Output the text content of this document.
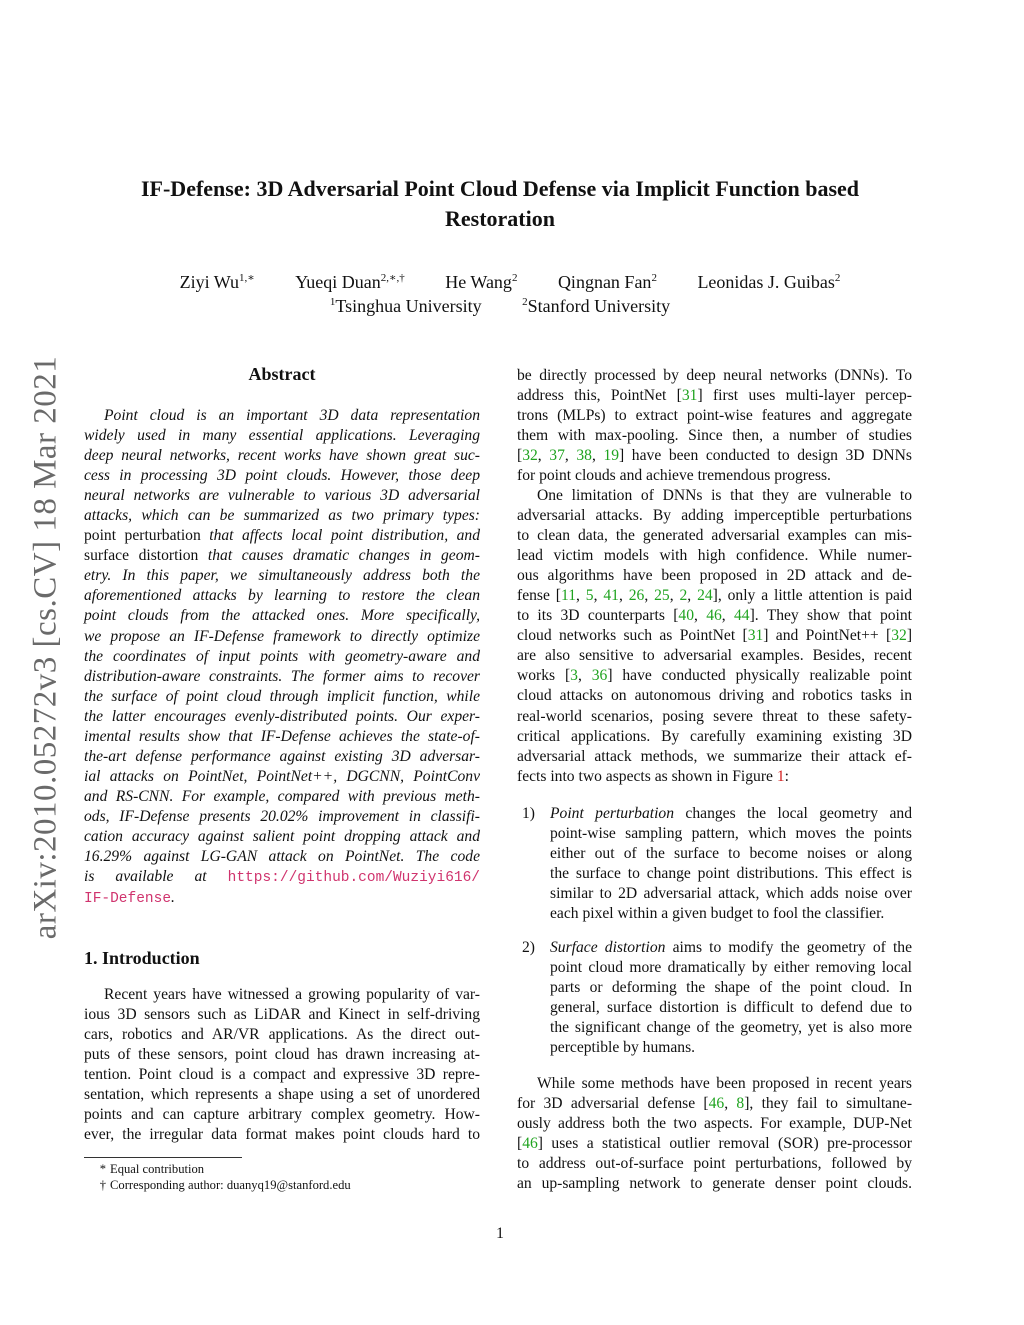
IF-Defense: 3D Adversarial Point Cloud Defense via Implicit Function based
Restoration
Ziyi $Wu^{1,∗}$ Yueqi Duan$^{2,∗,\dagger}$ He Wang$^2$ Qingnan Fan$^2$ Leonidas J. Guibas$^2$
$^1$Tsinghua University	$^2$Stanford University
arXiv:2010.05272v3 [cs.CV] 18 Mar 2021	Abstract
Point cloud is an important 3D data representation
widely used in many essential applications. Leveraging
deep neural networks, recent works have shown great suc-
cess in processing 3D point clouds. However, those deep
neural networks are vulnerable to various 3D adversarial
attacks, which can be summarized as two primary types:
point perturbation that affects local point distribution, and
surface distortion that causes dramatic changes in geom-
etry. In this paper, we simultaneously address both the
aforementioned attacks by learning to restore the clean
point clouds from the attacked ones. More specifically,
we propose an IF-Defense framework to directly optimize
the coordinates of input points with geometry-aware and
distribution-aware constraints. The former aims to recover
the surface of point cloud through implicit function, while
the latter encourages evenly-distributed points. Our exper-
imental results show that IF-Defense achieves the state-of-
the-art defense performance against existing 3D adversar-
ial attacks on PointNet, PointNet++, DGCNN, PointConv
and RS-CNN. For example, compared with previous meth-
ods, IF-Defense presents 20.02% improvement in classifi-
cation accuracy against salient point dropping attack and
16.29% against LG-GAN attack on PointNet. The code
is available at https://github.com/Wuziyi616/
IF-Defense.
1. Introduction
Recent years have witnessed a growing popularity of var-
ious 3D sensors such as LiDAR and Kinect in self-driving
cars, robotics and AR/VR applications. As the direct out-
puts of these sensors, point cloud has drawn increasing at-
tention. Point cloud is a compact and expressive 3D repre-
sentation, which represents a shape using a set of unordered
points and can capture arbitrary complex geometry. How-
ever, the irregular data format makes point clouds hard to
* Equal contribution
† Corresponding author: duanyq19@stanford.edu
be directly processed by deep neural networks (DNNs). To
address this, PointNet [31] first uses multi-layer percep-
trons (MLPs) to extract point-wise features and aggregate
them with max-pooling. Since then, a number of studies
[32, 37, 38, 19] have been conducted to design 3D DNNs
for point clouds and achieve tremendous progress.
One limitation of DNNs is that they are vulnerable to
adversarial attacks. By adding imperceptible perturbations
to clean data, the generated adversarial examples can mis-
lead victim models with high confidence. While numer-
ous algorithms have been proposed in 2D attack and de-
fense [11, 5, 41, 26, 25, 2, 24], only a little attention is paid
to its 3D counterparts [40, 46, 44]. They show that point
cloud networks such as PointNet [31] and PointNet++ [32]
are also sensitive to adversarial examples. Besides, recent
works [3, 36] have conducted physically realizable point
cloud attacks on autonomous driving and robotics tasks in
real-world scenarios, posing severe threat to these safety-
critical applications. By carefully examining existing 3D
adversarial attack methods, we summarize their attack ef-
fects into two aspects as shown in Figure 1:
1) Point perturbation changes the local geometry and
point-wise sampling pattern, which moves the points
either out of the surface to become noises or along
the surface to change point distributions. This effect is
similar to 2D adversarial attack, which adds noise over
each pixel within a given budget to fool the classifier.
2) Surface distortion aims to modify the geometry of the
point cloud more dramatically by either removing local
parts or deforming the shape of the point cloud. In
general, surface distortion is difficult to defend due to
the significant change of the geometry, yet is also more
perceptible by humans.
While some methods have been proposed in recent years
for 3D adversarial defense [46, 8], they fail to simultane-
ously address both the two aspects. For example, DUP-Net
[46] uses a statistical outlier removal (SOR) pre-processor
to address out-of-surface point perturbations, followed by
an up-sampling network to generate denser point clouds.
1
